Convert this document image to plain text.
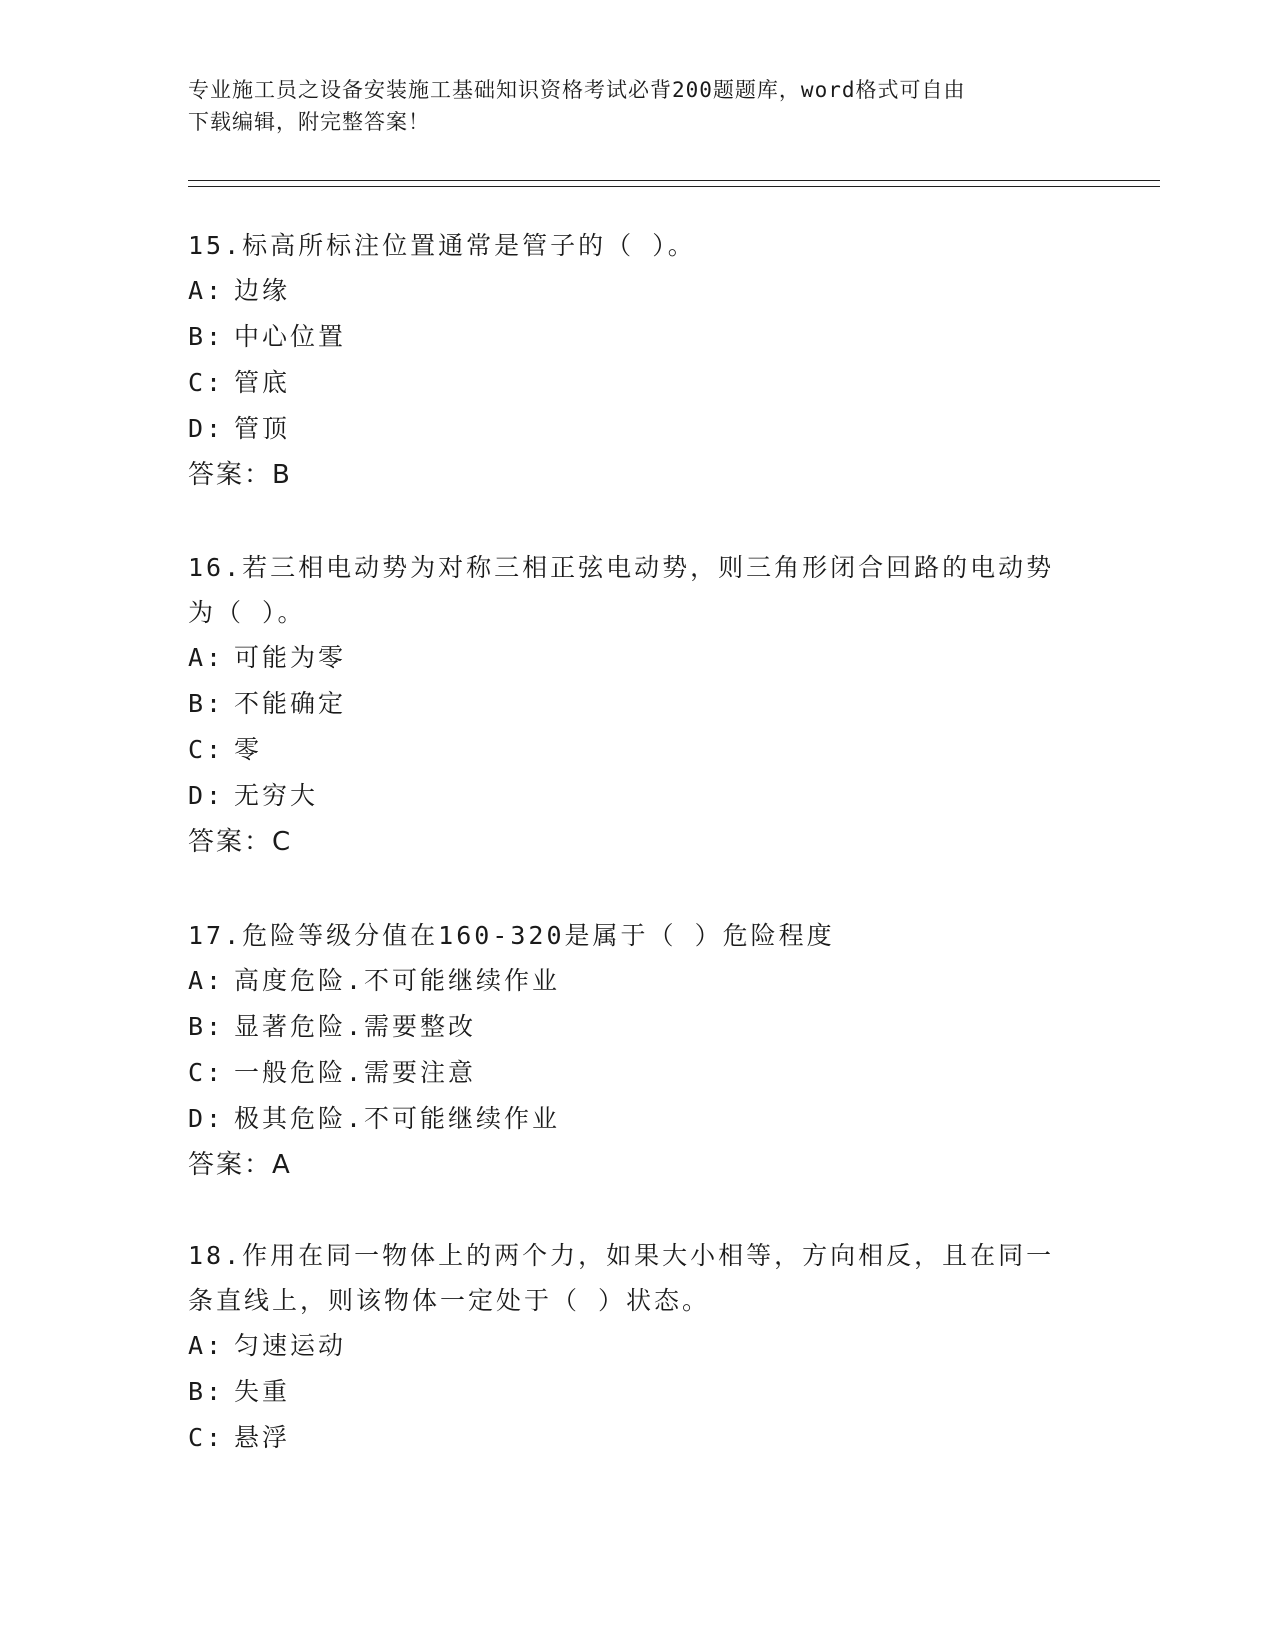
专业施工员之设备安装施工基础知识资格考试必背200题题库，word格式可自由
下载编辑，附完整答案！

15.标高所标注位置通常是管子的（ ）。

A: 边缘

B: 中心位置

C: 管底

D: 管顶

答案：B

16.若三相电动势为对称三相正弦电动势，则三角形闭合回路的电动势

为（ ）。

A: 可能为零

B: 不能确定

C: 零

D: 无穷大

答案：C

17.危险等级分值在160-320是属于（ ）危险程度

A: 高度危险.不可能继续作业

B: 显著危险.需要整改

C: 一般危险.需要注意

D: 极其危险.不可能继续作业

答案：A

18.作用在同一物体上的两个力，如果大小相等，方向相反，且在同一

条直线上，则该物体一定处于（ ）状态。

A: 匀速运动

B: 失重

C: 悬浮
